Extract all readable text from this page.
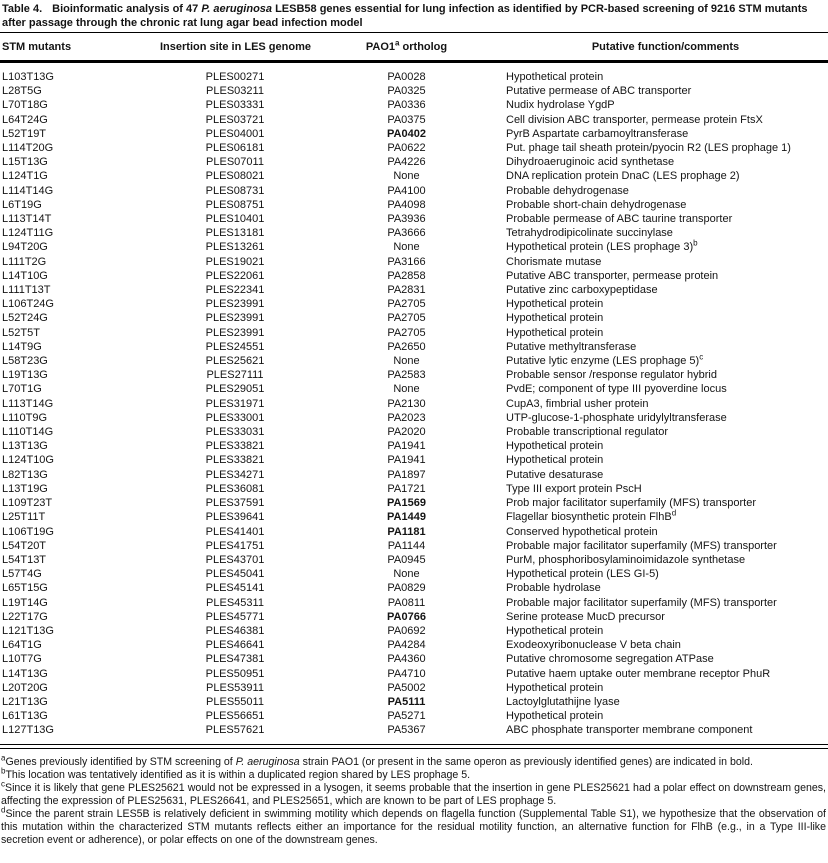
Table 4. Bioinformatic analysis of 47 P. aeruginosa LESB58 genes essential for lung infection as identified by PCR-based screening of 9216 STM mutants after passage through the chronic rat lung agar bead infection model
STM mutants	Insertion site in LES genome	PAO1$^a$ ortholog	Putative function/comments
L103T13G	PLES00271	PA0028	Hypothetical protein
L28T5G	PLES03211	PA0325	Putative permease of ABC transporter
L70T18G	PLES03331	PA0336	Nudix hydrolase YgdP
L64T24G	PLES03721	PA0375	Cell division ABC transporter, permease protein FtsX
L52T19T	PLES04001	PA0402	PyrB Aspartate carbamoyltransferase
L114T20G	PLES06181	PA0622	Put. phage tail sheath protein/pyocin R2 (LES prophage 1)
L15T13G	PLES07011	PA4226	Dihydroaeruginoic acid synthetase
L124T1G	PLES08021	None	DNA replication protein DnaC (LES prophage 2)
L114T14G	PLES08731	PA4100	Probable dehydrogenase
L6T19G	PLES08751	PA4098	Probable short-chain dehydrogenase
L113T14T	PLES10401	PA3936	Probable permease of ABC taurine transporter
L124T11G	PLES13181	PA3666	Tetrahydrodipicolinate succinylase
L94T20G	PLES13261	None	Hypothetical protein (LES prophage 3)$^b$
L111T2G	PLES19021	PA3166	Chorismate mutase
L14T10G	PLES22061	PA2858	Putative ABC transporter, permease protein
L111T13T	PLES22341	PA2831	Putative zinc carboxypeptidase
L106T24G	PLES23991	PA2705	Hypothetical protein
L52T24G	PLES23991	PA2705	Hypothetical protein
L52T5T	PLES23991	PA2705	Hypothetical protein
L14T9G	PLES24551	PA2650	Putative methyltransferase
L58T23G	PLES25621	None	Putative lytic enzyme (LES prophage 5)$^c$
L19T13G	PLES27111	PA2583	Probable sensor /response regulator hybrid
L70T1G	PLES29051	None	PvdE; component of type III pyoverdine locus
L113T14G	PLES31971	PA2130	CupA3, fimbrial usher protein
L110T9G	PLES33001	PA2023	UTP-glucose-1-phosphate uridylyltransferase
L110T14G	PLES33031	PA2020	Probable transcriptional regulator
L13T13G	PLES33821	PA1941	Hypothetical protein
L124T10G	PLES33821	PA1941	Hypothetical protein
L82T13G	PLES34271	PA1897	Putative desaturase
L13T19G	PLES36081	PA1721	Type III export protein PscH
L109T23T	PLES37591	PA1569	Prob major facilitator superfamily (MFS) transporter
L25T11T	PLES39641	PA1449	Flagellar biosynthetic protein FlhB$^d$
L106T19G	PLES41401	PA1181	Conserved hypothetical protein
L54T20T	PLES41751	PA1144	Probable major facilitator superfamily (MFS) transporter
L54T13T	PLES43701	PA0945	PurM, phosphoribosylaminoimidazole synthetase
L57T4G	PLES45041	None	Hypothetical protein (LES GI-5)
L65T15G	PLES45141	PA0829	Probable hydrolase
L19T14G	PLES45311	PA0811	Probable major facilitator superfamily (MFS) transporter
L22T17G	PLES45771	PA0766	Serine protease MucD precursor
L121T13G	PLES46381	PA0692	Hypothetical protein
L64T1G	PLES46641	PA4284	Exodeoxyribonuclease V beta chain
L10T7G	PLES47381	PA4360	Putative chromosome segregation ATPase
L14T13G	PLES50951	PA4710	Putative haem uptake outer membrane receptor PhuR
L20T20G	PLES53911	PA5002	Hypothetical protein
L21T13G	PLES55011	PA5111	Lactoylglutathijne lyase
L61T13G	PLES56651	PA5271	Hypothetical protein
L127T13G	PLES57621	PA5367	ABC phosphate transporter membrane component
$^a$Genes previously identified by STM screening of P. aeruginosa strain PAO1 (or present in the same operon as previously identified genes) are indicated in bold.
$^b$This location was tentatively identified as it is within a duplicated region shared by LES prophage 5.
$^c$Since it is likely that gene PLES25621 would not be expressed in a lysogen, it seems probable that the insertion in gene PLES25621 had a polar effect on downstream genes, affecting the expression of PLES25631, PLES26641, and PLES25651, which are known to be part of LES prophage 5.
$^d$Since the parent strain LES5B is relatively deficient in swimming motility which depends on flagella function (Supplemental Table S1), we hypothesize that the observation of this mutation within the characterized STM mutants reflects either an importance for the residual motility function, an alternative function for FlhB (e.g., in a Type III-like secretion event or adherence), or polar effects on one of the downstream genes.
